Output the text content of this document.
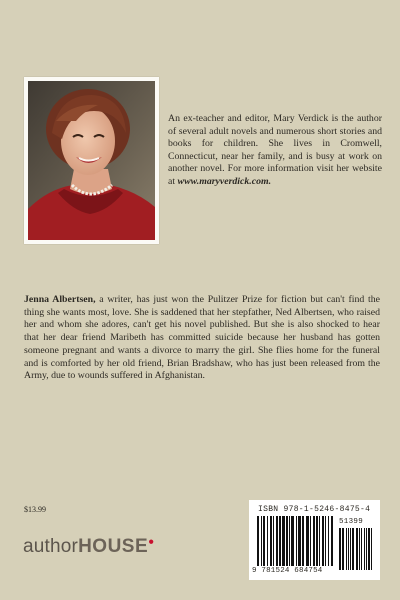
An ex-teacher and editor, Mary Verdick is the author of several adult novels and numerous short stories and books for children. She lives in Cromwell, Connecticut, near her family, and is busy at work on another novel. For more information visit her website at www.maryverdick.com.

Jenna Albertsen, a writer, has just won the Pulitzer Prize for fiction but can't find the thing she wants most, love. She is saddened that her stepfather, Ned Albertsen, who raised her and whom she adores, can't get his novel published. But she is also shocked to hear that her dear friend Maribeth has committed suicide because her husband has gotten someone pregnant and wants a divorce to marry the girl. She flies home for the funeral and is comforted by her old friend, Brian Bradshaw, who has just been released from the Army, due to wounds suffered in Afghanistan.

$13.99
authorHOUSE●
ISBN 978-1-5246-8475-4
51399
9 781524 684754
